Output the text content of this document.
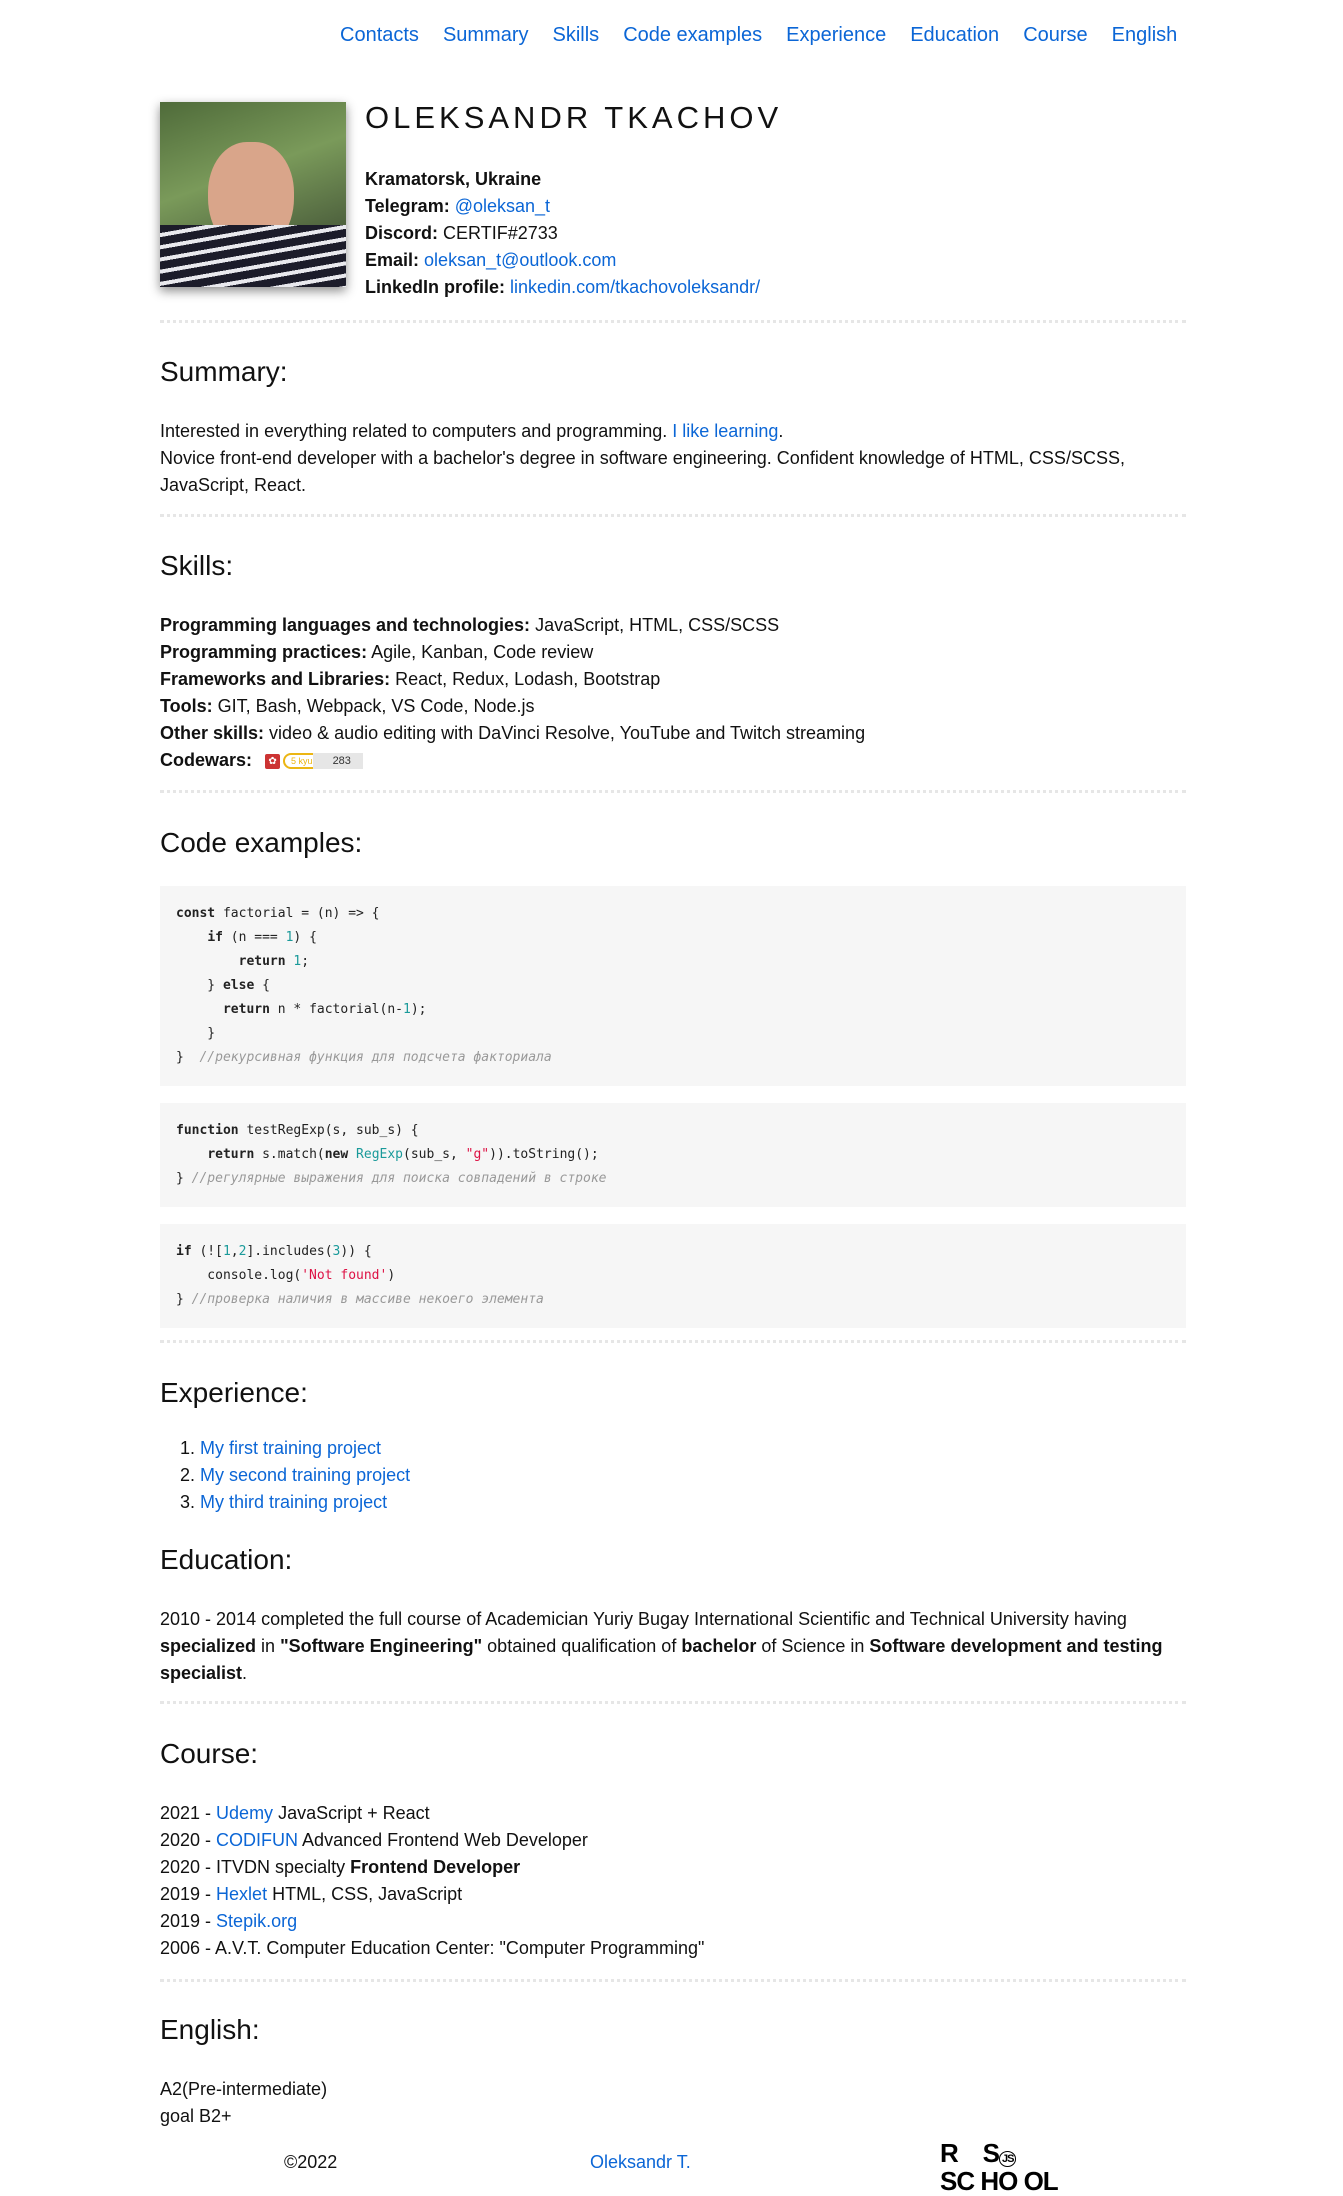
Contacts Summary Skills Code examples Experience Education Course English
OLEKSANDR TKACHOV
Kramatorsk, Ukraine
Telegram: @oleksan_t
Discord: CERTIF#2733
Email: oleksan_t@outlook.com
LinkedIn profile: linkedin.com/tkachovoleksandr/
Summary:

Interested in everything related to computers and programming. I like learning.
Novice front-end developer with a bachelor's degree in software engineering. Confident knowledge of HTML, CSS/SCSS, JavaScript, React.

Skills:
Programming languages and technologies: JavaScript, HTML, CSS/SCSS
Programming practices: Agile, Kanban, Code review
Frameworks and Libraries: React, Redux, Lodash, Bootstrap
Tools: GIT, Bash, Webpack, VS Code, Node.js
Other skills: video & audio editing with DaVinci Resolve, YouTube and Twitch streaming
Codewars:	✿	5 kyu	283
Code examples:
const factorial = (n) => {
if (n === 1) {
return 1;
} else {
return n * factorial(n-1);
}
}  //рекурсивная функция для подсчета факториала
function testRegExp(s, sub_s) {
return s.match(new RegExp(sub_s, "g")).toString();
} //регулярные выражения для поиска совпадений в строке
if (![1,2].includes(3)) {
console.log('Not found')
} //проверка наличия в массиве некоего элемента
Experience:
1. My first training project
2. My second training project
3. My third training project
Education:

2010 - 2014 completed the full course of Academician Yuriy Bugay International Scientific and Technical University having specialized in "Software Engineering" obtained qualification of bachelor of Science in Software development and testing specialist.

Course:
2021 - Udemy JavaScript + React
2020 - CODIFUN Advanced Frontend Web Developer
2020 - ITVDN specialty Frontend Developer
2019 - Hexlet HTML, CSS, JavaScript
2019 - Stepik.org
2006 - A.V.T. Computer Education Center: "Computer Programming"
English:
A2(Pre-intermediate)
goal B2+
©2022	Oleksandr T.	R    S JS
SC HO OL
